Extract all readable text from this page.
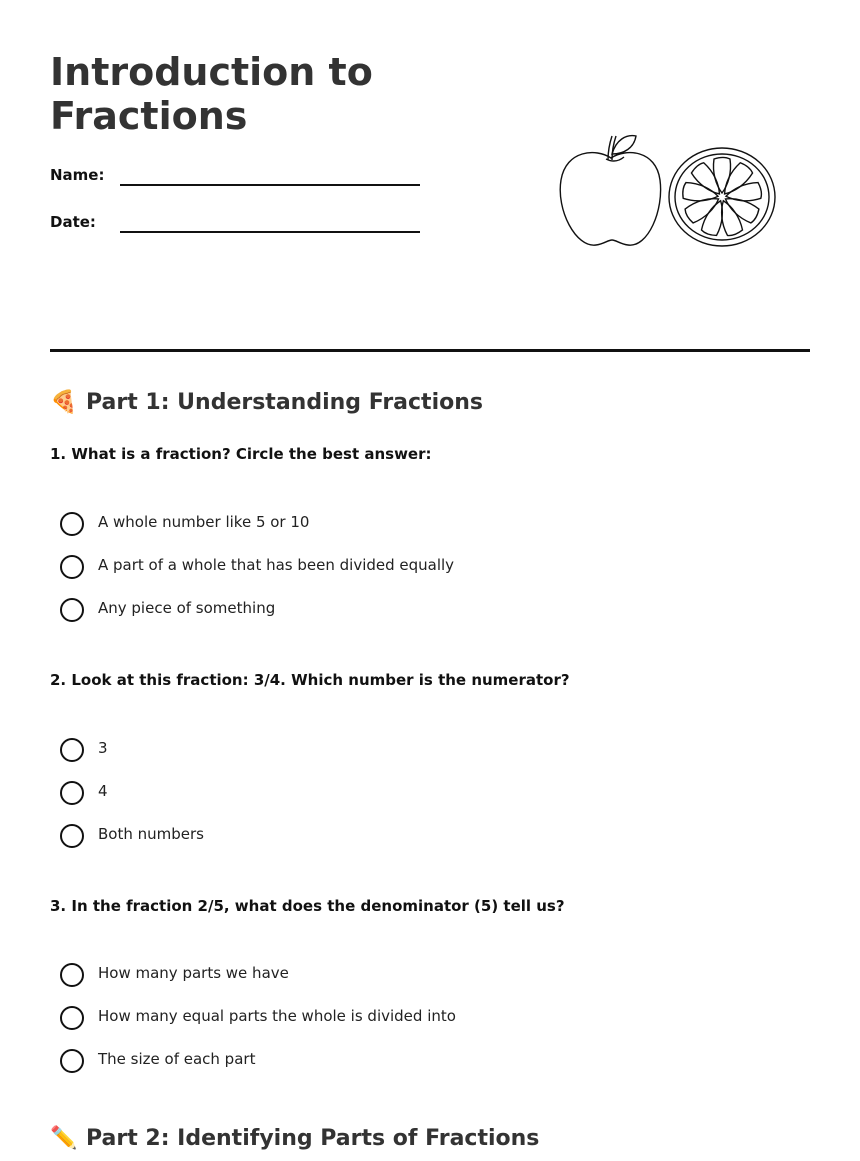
Introduction to Fractions
Name:
Date:
🍕 Part 1: Understanding Fractions
1. What is a fraction? Circle the best answer:
A whole number like 5 or 10
A part of a whole that has been divided equally
Any piece of something
2. Look at this fraction: 3/4. Which number is the numerator?
3
4
Both numbers
3. In the fraction 2/5, what does the denominator (5) tell us?
How many parts we have
How many equal parts the whole is divided into
The size of each part
✏️ Part 2: Identifying Parts of Fractions
